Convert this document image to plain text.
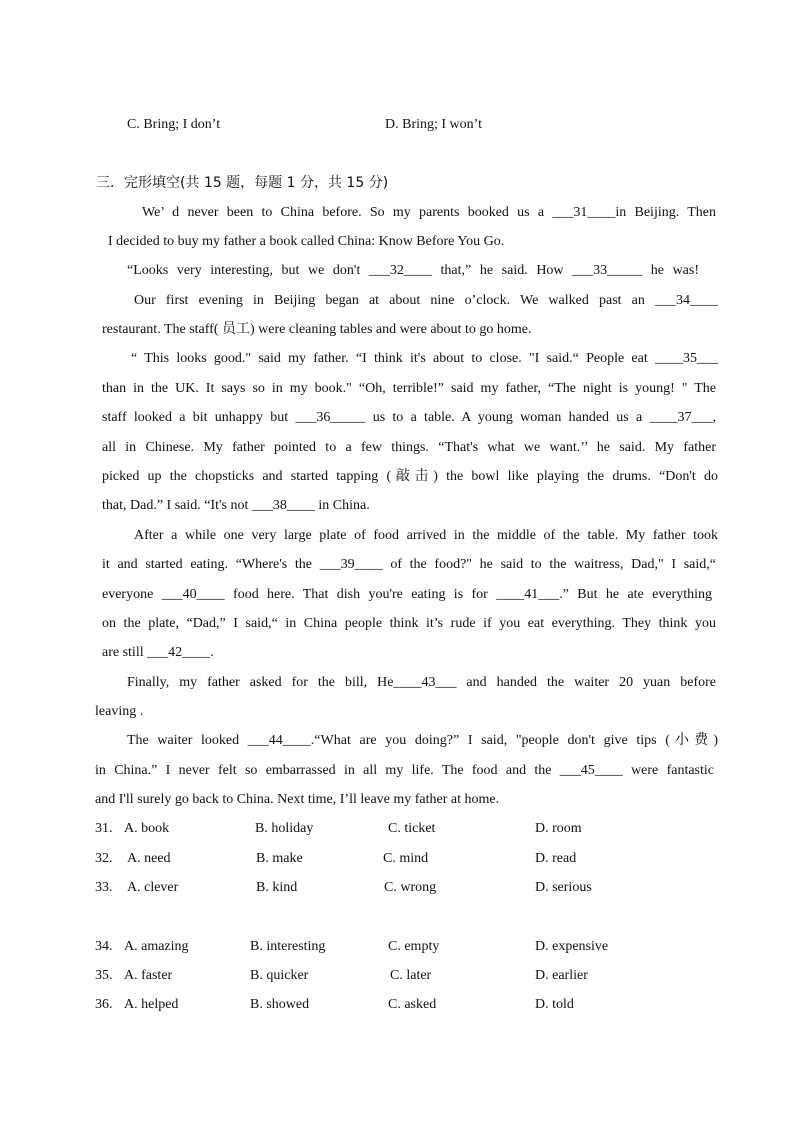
C. Bring; I don’t	D. Bring; I won’t
三．完形填空(共 15 题，每题 1 分，共 15 分)
We’ d never been to China before. So my parents booked us a ___31____in Beijing. Then
I decided to buy my father a book called China: Know Before You Go.
“Looks very interesting, but we don't ___32____ that,” he said. How ___33_____ he was!
Our first evening in Beijing began at about nine o’clock. We walked past an ___34____
restaurant. The staff( 员工) were cleaning tables and were about to go home.
“ This looks good." said my father. “I think it's about to close. "I said.“ People eat ____35___
than in the UK. It says so in my book." “Oh, terrible!” said my father, “The night is young! " The
staff looked a bit unhappy but ___36_____ us to a table. A young woman handed us a ____37___,
all in Chinese. My father pointed to a few things. “That's what we want.’’ he said. My father
picked up the chopsticks and started tapping (敲击) the bowl like playing the drums. “Don't do
that, Dad.” I said. “It's not ___38____ in China.
After a while one very large plate of food arrived in the middle of the table. My father took
it and started eating. “Where's the ___39____ of the food?" he said to the waitress, Dad," I said,“
everyone ___40____ food here. That dish you're eating is for ____41___.” But he ate everything
on the plate, “Dad,” I said,“ in China people think it’s rude if you eat everything. They think you
are still ___42____.
Finally, my father asked for the bill, He____43___ and handed the waiter 20 yuan before
leaving .
The waiter looked ___44____.“What are you doing?” I said, "people don't give tips (小费)
in China.” I never felt so embarrassed in all my life. The food and the ___45____ were fantastic
and I'll surely go back to China. Next time, I’ll leave my father at home.
31. A. book	B. holiday	C. ticket	D. room
32. A. need	B. make	C. mind	D. read
33. A. clever	B. kind	C. wrong	D. serious
34. A. amazing	B. interesting	C. empty	D. expensive
35. A. faster	B. quicker	C. later	D. earlier
36. A. helped	B. showed	C. asked	D. told
